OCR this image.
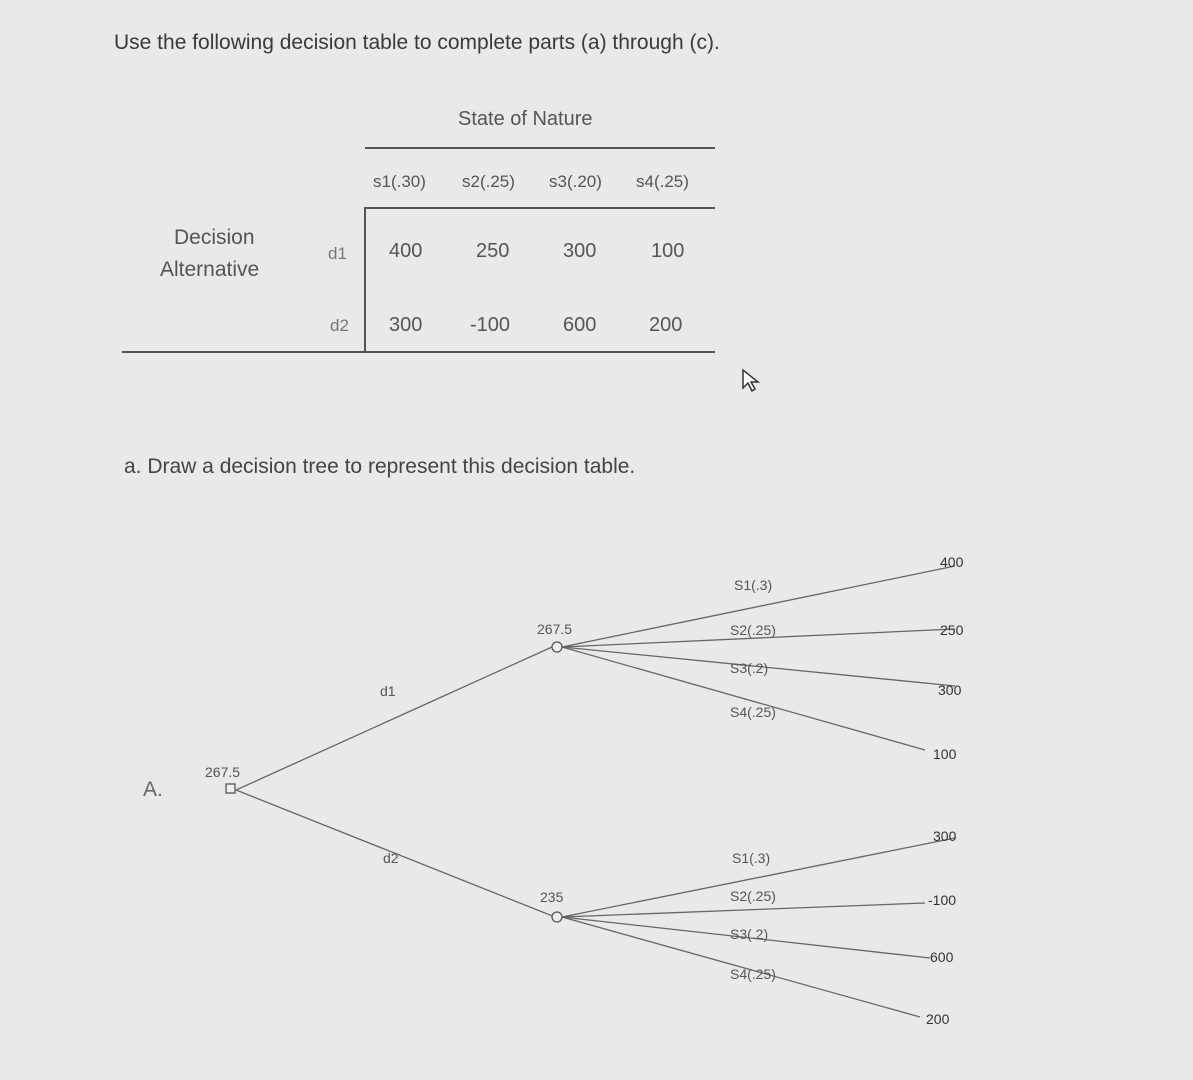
Use the following decision table to complete parts (a) through (c).
State of Nature
s1(.30) s2(.25) s3(.20) s4(.25)
Decision
Alternative
d1 400	250	300	100
d2 300 -100	600	200
a. Draw a decision tree to represent this decision table.
A.
267.5
d1
d2
267.5
235
S1(.3)
S2(.25)
S3(.2)
S4(.25)
400
250
300
100
S1(.3)
S2(.25)
S3(.2)
S4(.25)
300
-100
600
200
